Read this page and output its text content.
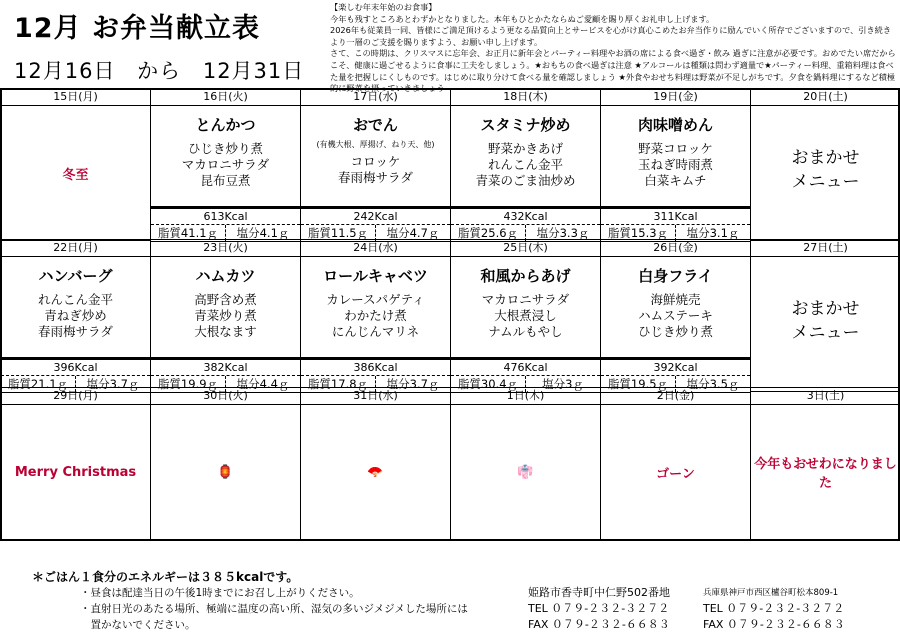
12月 お弁当献立表
12月16日 から 12月31日
【楽しむ年末年始のお食事】
今年も残すところあとわずかとなりました。本年もひとかたならぬご愛顧を賜り厚くお礼申し上げます。
2026年も従業員一同、皆様にご満足頂けるよう更なる品質向上とサービスを心がけ真心こめたお弁当作りに励んでいく所存でございますので、引き続きより一層のご支援を賜りますよう、お願い申し上げます。
さて、この時期は、クリスマスに忘年会、お正月に新年会とパーティー料理やお酒の席による食べ過ぎ・飲み 過ぎに注意が必要です。おめでたい席だからこそ、健康に過ごせるように食事に工夫をしましょう。★おもちの食べ過ぎは注意 ★アルコールは種類は問わず適量で★パーティー料理、重箱料理は食べた量を把握しにくしものです。はじめに取り分けて食べる量を確認しましょう ★外食やおせち料理は野菜が不足しがちです。夕食を鍋料理にするなど積極的に野菜を摂っていきましょう
15日(月)
冬至
16日(火)
とんかつ
ひじき炒り煮
マカロニサラダ
昆布豆煮
613Kcal
脂質41.1ｇ	塩分4.1ｇ
17日(水)
おでん
(有機大根、厚揚げ、ねり天、他)
コロッケ
春雨梅サラダ
242Kcal
脂質11.5ｇ	塩分4.7ｇ
18日(木)
スタミナ炒め
野菜かきあげ
れんこん金平
青菜のごま油炒め
432Kcal
脂質25.6ｇ	塩分3.3ｇ
19日(金)
肉味噌めん
野菜コロッケ
玉ねぎ時雨煮
白菜キムチ
311Kcal
脂質15.3ｇ	塩分3.1ｇ
20日(土)
おまかせ
メニュー
22日(月)
ハンバーグ
れんこん金平
青ねぎ炒め
春雨梅サラダ
396Kcal
脂質21.1ｇ	塩分3.7ｇ
23日(火)
ハムカツ
高野含め煮
青菜炒り煮
大根なます
382Kcal
脂質19.9ｇ	塩分4.4ｇ
24日(水)
ロールキャベツ
カレースパゲティ
わかたけ煮
にんじんマリネ
386Kcal
脂質17.8ｇ	塩分3.7ｇ
25日(木)
和風からあげ
マカロニサラダ
大根煮浸し
ナムルもやし
476Kcal
脂質30.4ｇ	塩分3ｇ
26日(金)
白身フライ
海鮮焼売
ハムステーキ
ひじき炒り煮
392Kcal
脂質19.5ｇ	塩分3.5ｇ
27日(土)
おまかせ
メニュー
29日(月)
Merry Christmas
30日(火)
🏮
31日(水)
🪭
1日(木)
👘
2日(金)
ゴーン
3日(土)
今年もおせわになりました
＊ごはん１食分のエネルギーは３８５kcalです。
・昼食は配達当日の午後1時までにお召し上がりください。
・直射日光のあたる場所、極端に温度の高い所、湿気の多いジメジメした場所には
　置かないでください。
姫路市香寺町中仁野502番地
TEL ０７９-２３２-３２７２
FAX ０７９-２３２-６６８３
兵庫県神戸市西区櫨谷町松本809-1
TEL ０７９-２３２-３２７２
FAX ０７９-２３２-６６８３
